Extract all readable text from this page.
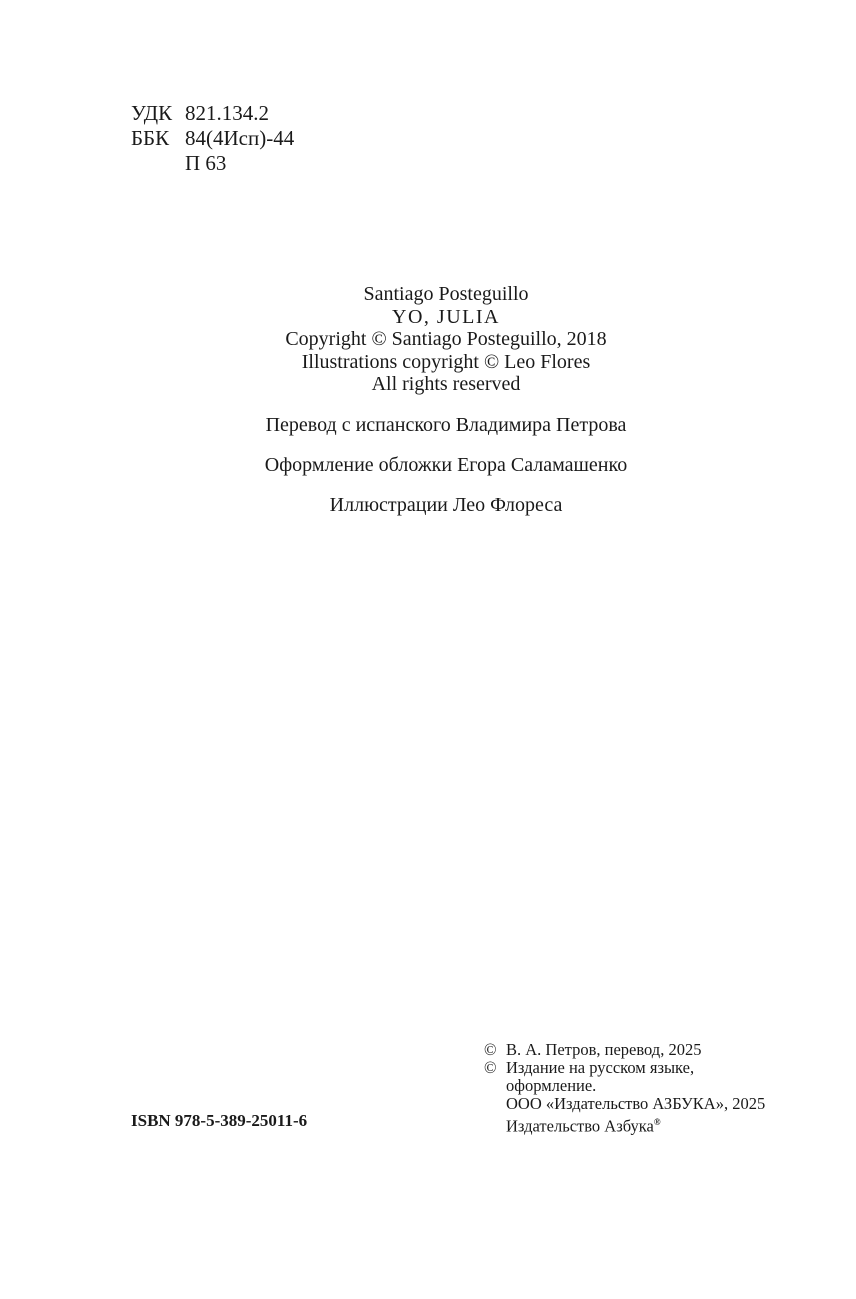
УДК 821.134.2
ББК 84(4Исп)-44
П 63
Santiago Posteguillo
YO, JULIA
Copyright © Santiago Posteguillo, 2018
Illustrations copyright © Leo Flores
All rights reserved
Перевод с испанского Владимира Петрова
Оформление обложки Егора Саламашенко
Иллюстрации Лео Флореса
ISBN 978-5-389-25011-6
© В. А. Петров, перевод, 2025
© Издание на русском языке,
оформление.
ООО «Издательство АЗБУКА», 2025
Издательство Азбука®
